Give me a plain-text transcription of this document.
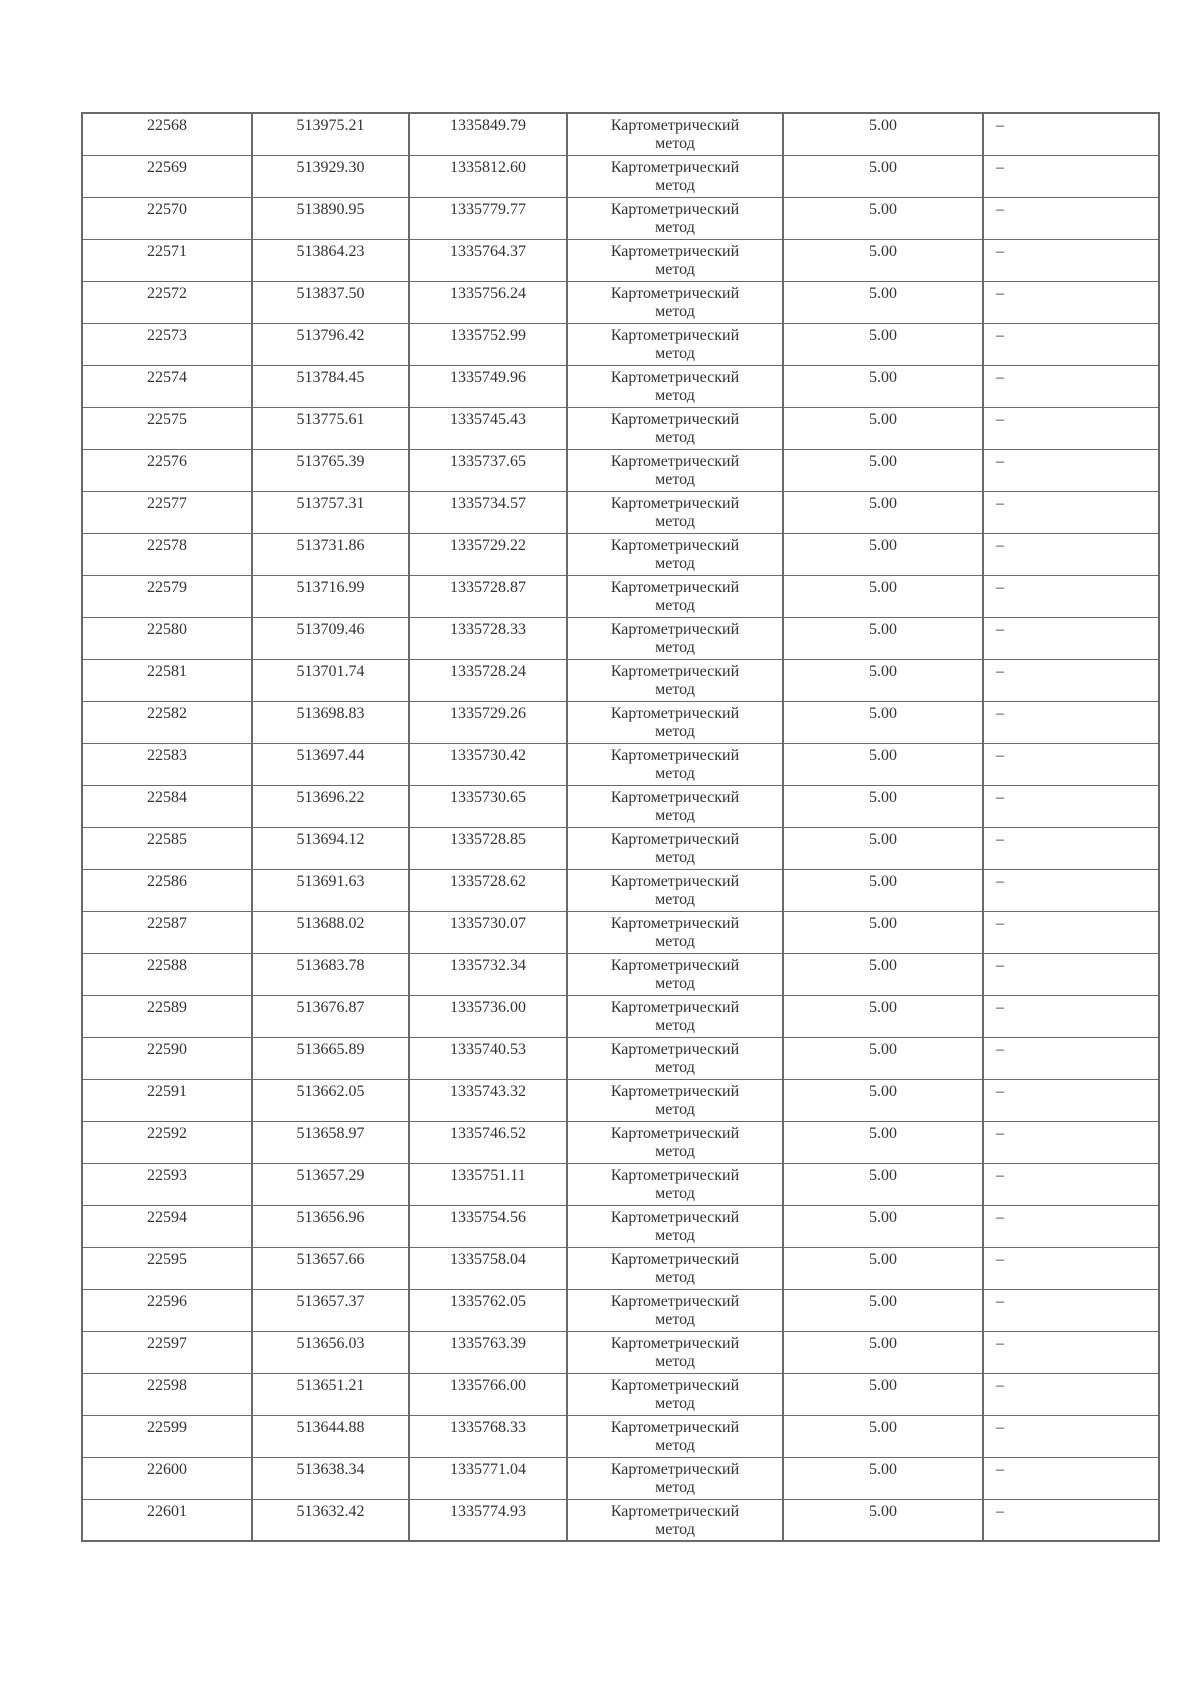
22568	513975.21	1335849.79	Картометрический метод	5.00	–
22569	513929.30	1335812.60	Картометрический метод	5.00	–
22570	513890.95	1335779.77	Картометрический метод	5.00	–
22571	513864.23	1335764.37	Картометрический метод	5.00	–
22572	513837.50	1335756.24	Картометрический метод	5.00	–
22573	513796.42	1335752.99	Картометрический метод	5.00	–
22574	513784.45	1335749.96	Картометрический метод	5.00	–
22575	513775.61	1335745.43	Картометрический метод	5.00	–
22576	513765.39	1335737.65	Картометрический метод	5.00	–
22577	513757.31	1335734.57	Картометрический метод	5.00	–
22578	513731.86	1335729.22	Картометрический метод	5.00	–
22579	513716.99	1335728.87	Картометрический метод	5.00	–
22580	513709.46	1335728.33	Картометрический метод	5.00	–
22581	513701.74	1335728.24	Картометрический метод	5.00	–
22582	513698.83	1335729.26	Картометрический метод	5.00	–
22583	513697.44	1335730.42	Картометрический метод	5.00	–
22584	513696.22	1335730.65	Картометрический метод	5.00	–
22585	513694.12	1335728.85	Картометрический метод	5.00	–
22586	513691.63	1335728.62	Картометрический метод	5.00	–
22587	513688.02	1335730.07	Картометрический метод	5.00	–
22588	513683.78	1335732.34	Картометрический метод	5.00	–
22589	513676.87	1335736.00	Картометрический метод	5.00	–
22590	513665.89	1335740.53	Картометрический метод	5.00	–
22591	513662.05	1335743.32	Картометрический метод	5.00	–
22592	513658.97	1335746.52	Картометрический метод	5.00	–
22593	513657.29	1335751.11	Картометрический метод	5.00	–
22594	513656.96	1335754.56	Картометрический метод	5.00	–
22595	513657.66	1335758.04	Картометрический метод	5.00	–
22596	513657.37	1335762.05	Картометрический метод	5.00	–
22597	513656.03	1335763.39	Картометрический метод	5.00	–
22598	513651.21	1335766.00	Картометрический метод	5.00	–
22599	513644.88	1335768.33	Картометрический метод	5.00	–
22600	513638.34	1335771.04	Картометрический метод	5.00	–
22601	513632.42	1335774.93	Картометрический метод	5.00	–
